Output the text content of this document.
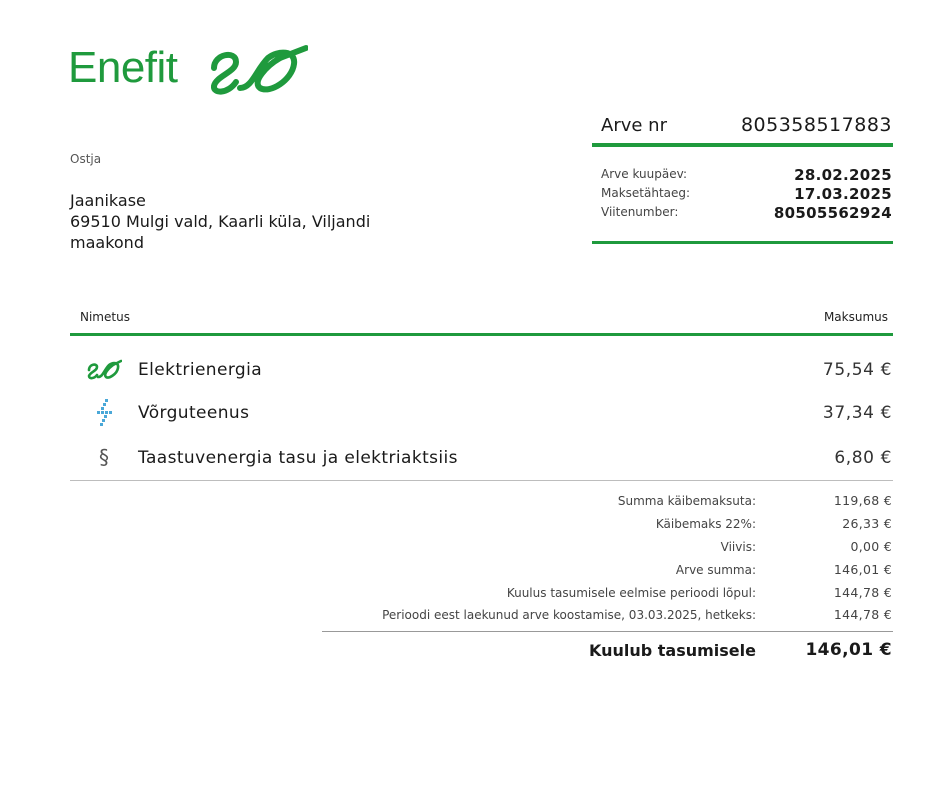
Enefit
Arve nr	805358517883
Arve kuupäev:	28.02.2025
Maksetähtaeg:	17.03.2025
Viitenumber:	80505562924
Ostja
Jaanikase
69510 Mulgi vald, Kaarli küla, Viljandi maakond
Nimetus	Maksumus
Elektrienergia	75,54 €
Võrguteenus	37,34 €
§	Taastuvenergia tasu ja elektriaktsiis	6,80 €
Summa käibemaksuta:	119,68 €
Käibemaks 22%:	26,33 €
Viivis:	0,00 €
Arve summa:	146,01 €
Kuulus tasumisele eelmise perioodi lõpul:	144,78 €
Perioodi eest laekunud arve koostamise, 03.03.2025, hetkeks:	144,78 €
Kuulub tasumisele	146,01 €
